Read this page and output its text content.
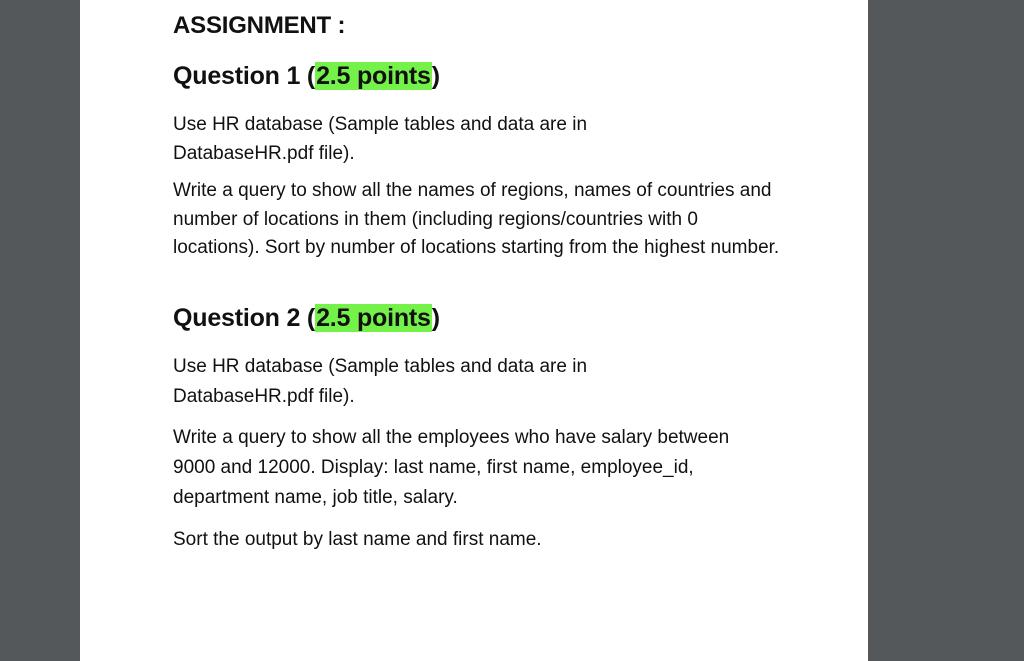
ASSIGNMENT :
Question 1 (2.5 points)

Use HR database (Sample tables and data are in DatabaseHR.pdf file).

Write a query to show all the names of regions, names of countries and number of locations in them (including regions/countries with 0 locations). Sort by number of locations starting from the highest number.

Question 2 (2.5 points)

Use HR database (Sample tables and data are in DatabaseHR.pdf file).

Write a query to show all the employees who have salary between 9000 and 12000. Display: last name, first name, employee_id, department name, job title, salary.

Sort the output by last name and first name.
